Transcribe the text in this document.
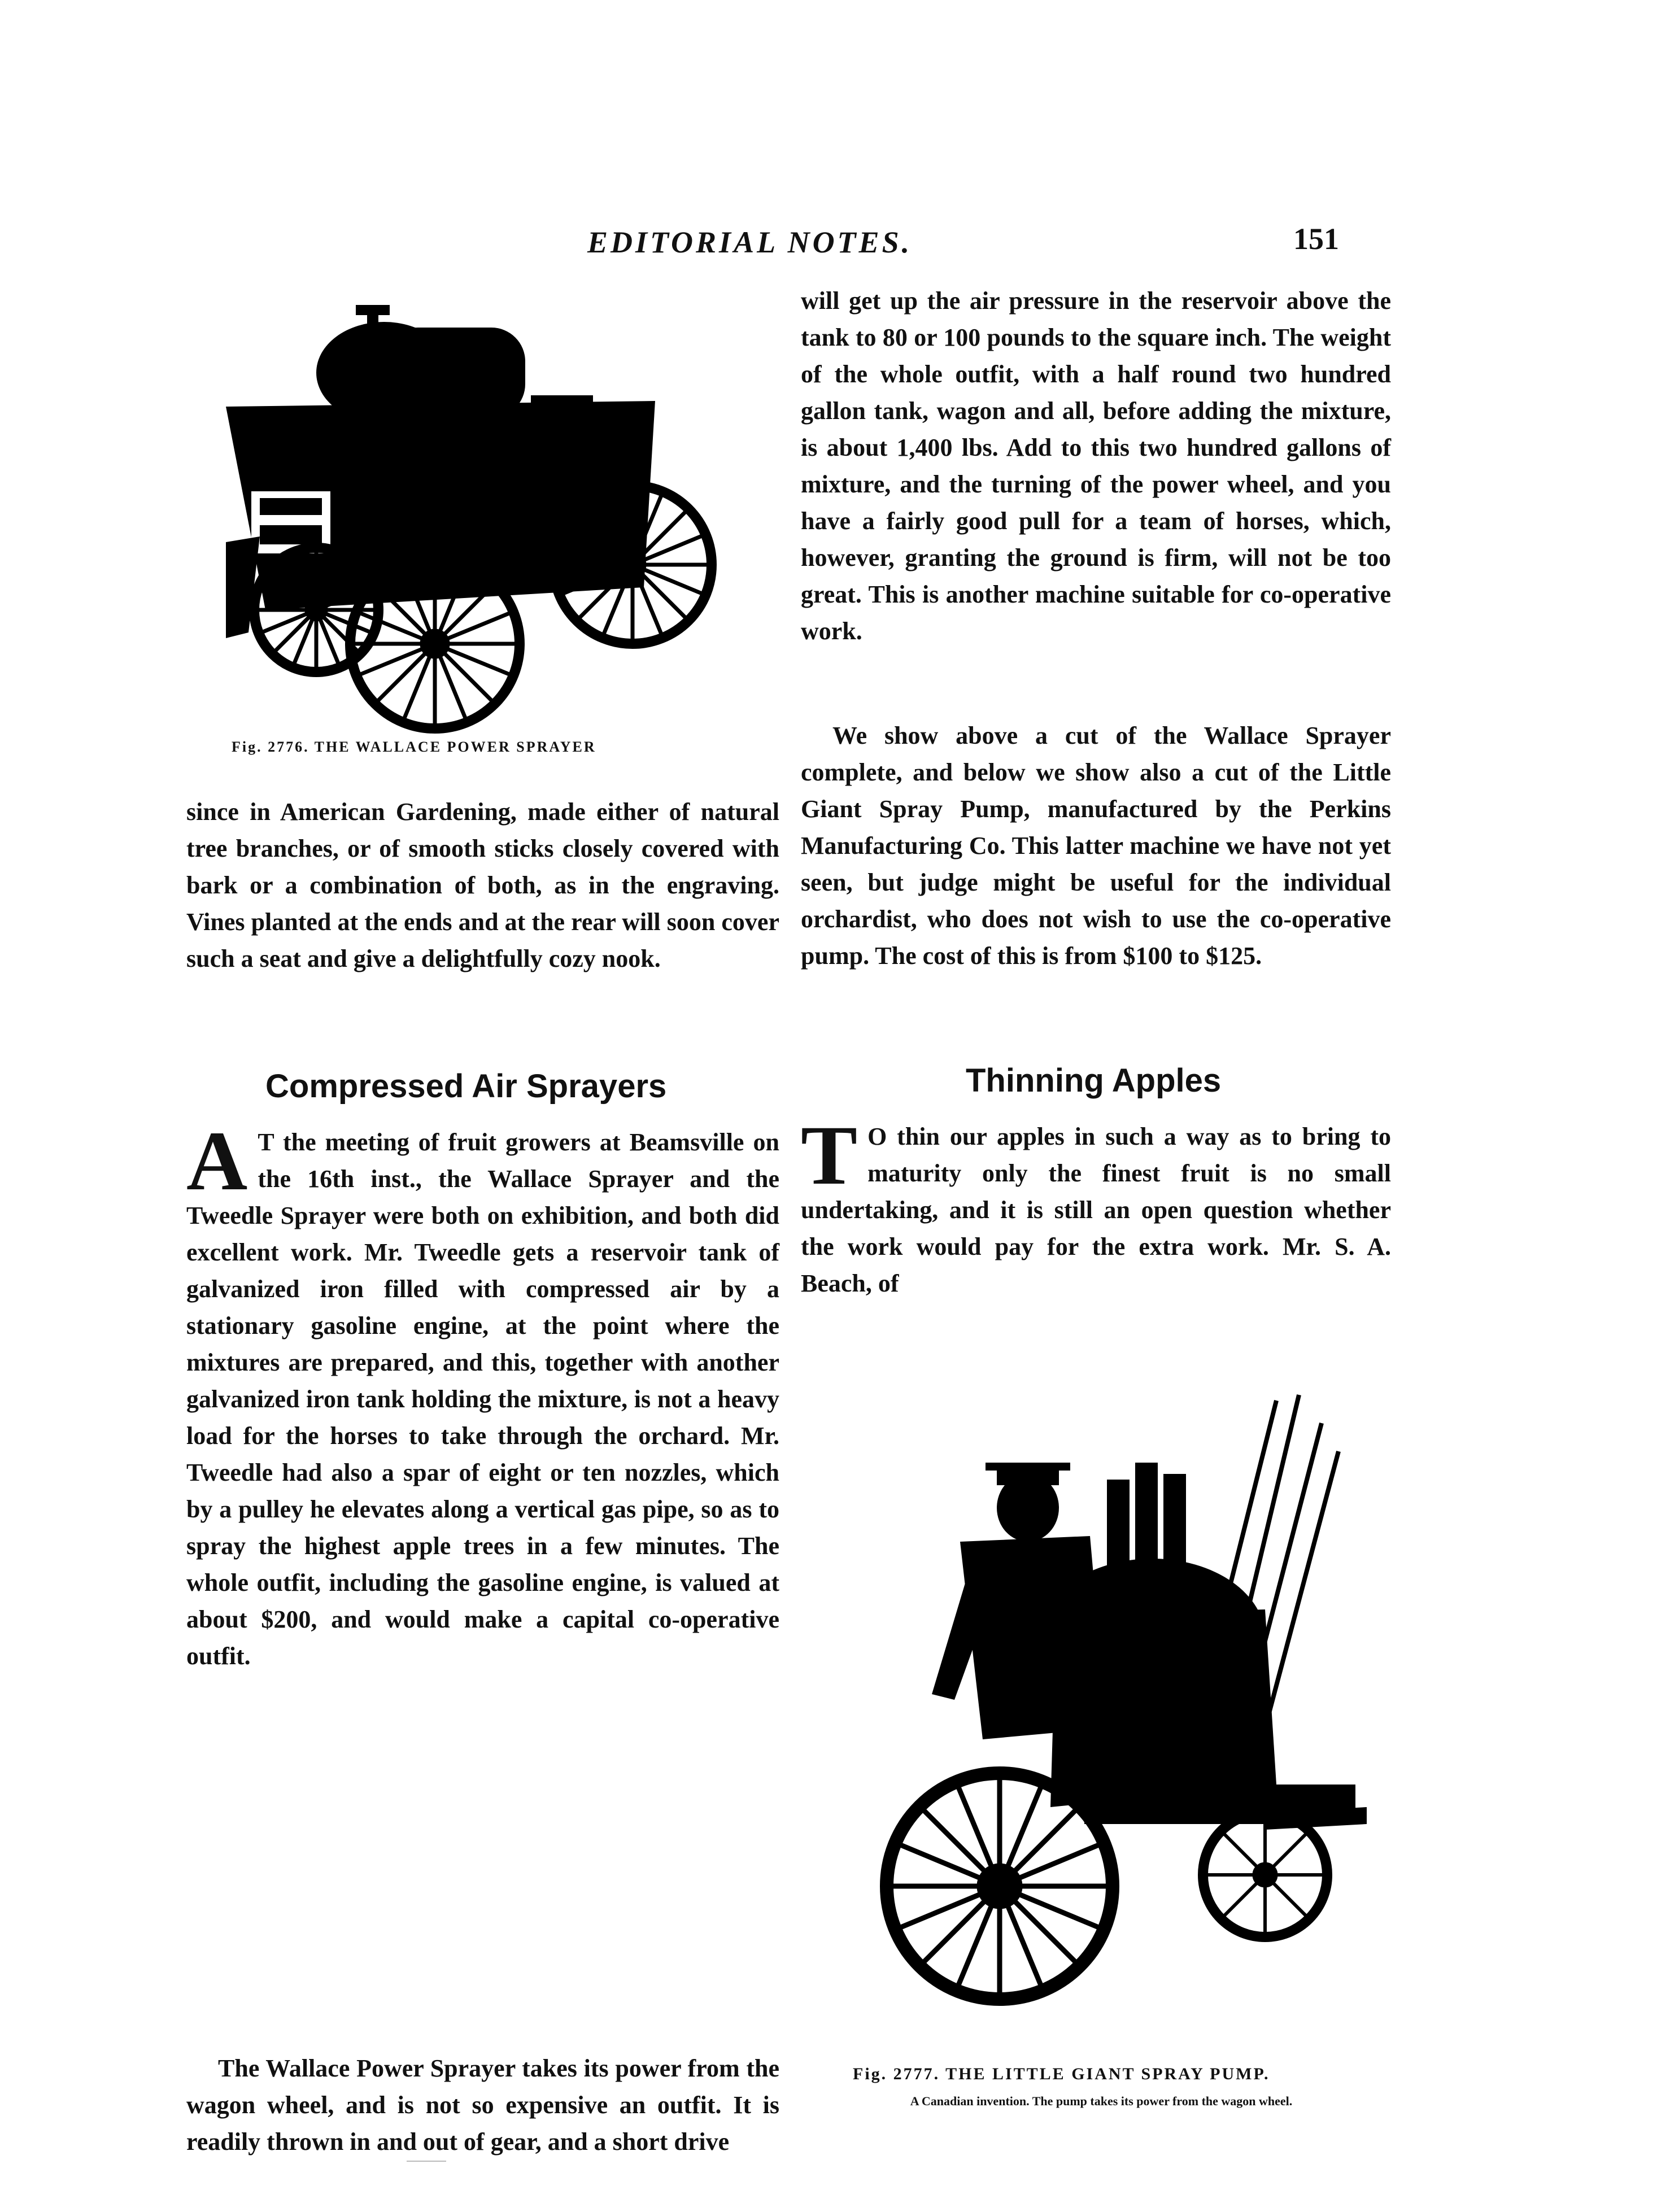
EDITORIAL NOTES.	151
Fig. 2776. THE WALLACE POWER SPRAYER

since in American Gardening, made either of natural tree branches, or of smooth sticks closely covered with bark or a combination of both, as in the engraving. Vines planted at the ends and at the rear will soon cover such a seat and give a delightfully cozy nook.

Compressed Air Sprayers
A T the meeting of fruit growers at Beamsville on the 16th inst., the Wallace Sprayer and the Tweedle Sprayer were both on exhibition, and both did excellent work. Mr. Tweedle gets a reservoir tank of galvanized iron filled with compressed air by a stationary gasoline engine, at the point where the mixtures are prepared, and this, together with another galvanized iron tank holding the mixture, is not a heavy load for the horses to take through the orchard. Mr. Tweedle had also a spar of eight or ten nozzles, which by a pulley he elevates along a vertical gas pipe, so as to spray the highest apple trees in a few minutes. The whole outfit, including the gasoline engine, is valued at about $200, and would make a capital co-operative outfit.

The Wallace Power Sprayer takes its power from the wagon wheel, and is not so expensive an outfit. It is readily thrown in and out of gear, and a short drive

will get up the air pressure in the reservoir above the tank to 80 or 100 pounds to the square inch. The weight of the whole outfit, with a half round two hundred gallon tank, wagon and all, before adding the mixture, is about 1,400 lbs. Add to this two hundred gallons of mixture, and the turning of the power wheel, and you have a fairly good pull for a team of horses, which, however, granting the ground is firm, will not be too great. This is another machine suitable for co-operative work.

We show above a cut of the Wallace Sprayer complete, and below we show also a cut of the Little Giant Spray Pump, manufactured by the Perkins Manufacturing Co. This latter machine we have not yet seen, but judge might be useful for the individual orchardist, who does not wish to use the co-operative pump. The cost of this is from $100 to $125.

Thinning Apples
T O thin our apples in such a way as to bring to maturity only the finest fruit is no small undertaking, and it is still an open question whether the work would pay for the extra work. Mr. S. A. Beach, of
Fig. 2777. THE LITTLE GIANT SPRAY PUMP.
A Canadian invention. The pump takes its power from the wagon wheel.
